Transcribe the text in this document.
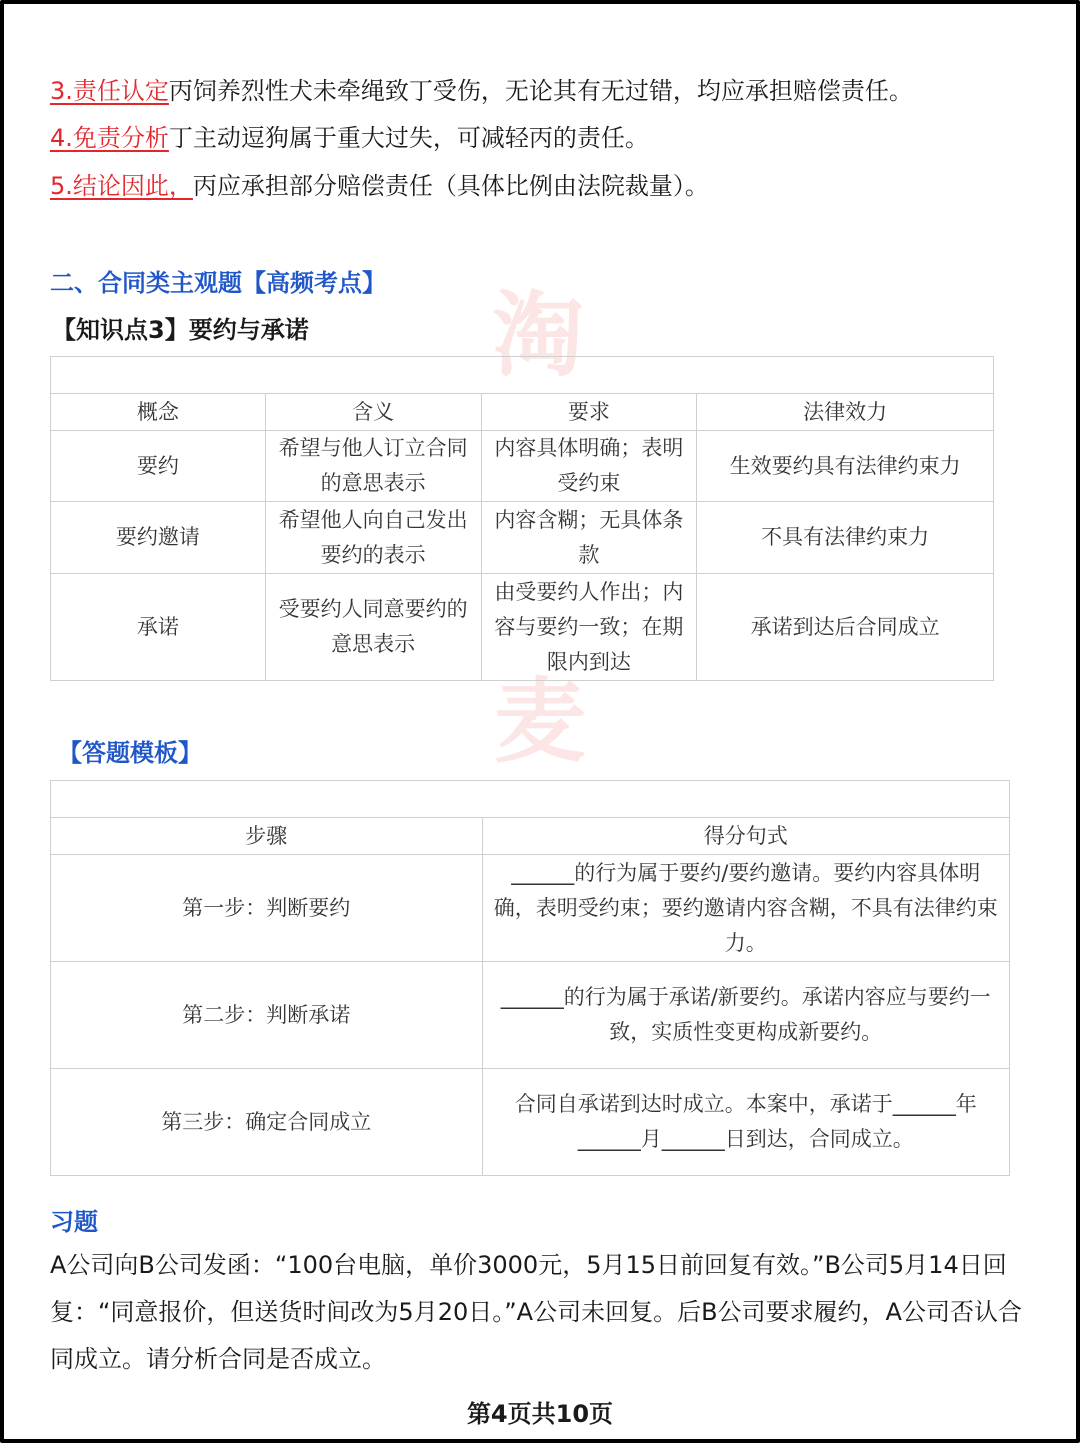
淘
麦
3.责任认定丙饲养烈性犬未牵绳致丁受伤，无论其有无过错，均应承担赔偿责任。
4.免责分析丁主动逗狗属于重大过失，可减轻丙的责任。
5.结论因此，丙应承担部分赔偿责任（具体比例由法院裁量）。
二、合同类主观题【高频考点】
【知识点3】要约与承诺

概念	含义	要求	法律效力
要约	希望与他人订立合同的意思表示	内容具体明确；表明受约束	生效要约具有法律约束力
要约邀请	希望他人向自己发出要约的表示	内容含糊；无具体条款	不具有法律约束力
承诺	受要约人同意要约的意思表示	由受要约人作出；内容与要约一致；在期限内到达	承诺到达后合同成立
【答题模板】

步骤	得分句式
第一步：判断要约	______的行为属于要约/要约邀请。要约内容具体明确，表明受约束；要约邀请内容含糊，不具有法律约束力。
第二步：判断承诺	______的行为属于承诺/新要约。承诺内容应与要约一致，实质性变更构成新要约。
第三步：确定合同成立	合同自承诺到达时成立。本案中，承诺于______年______月______日到达，合同成立。
习题
A公司向B公司发函：“100台电脑，单价3000元，5月15日前回复有效。”B公司5月14日回复：“同意报价，但送货时间改为5月20日。”A公司未回复。后B公司要求履约，A公司否认合同成立。请分析合同是否成立。
第4页共10页
